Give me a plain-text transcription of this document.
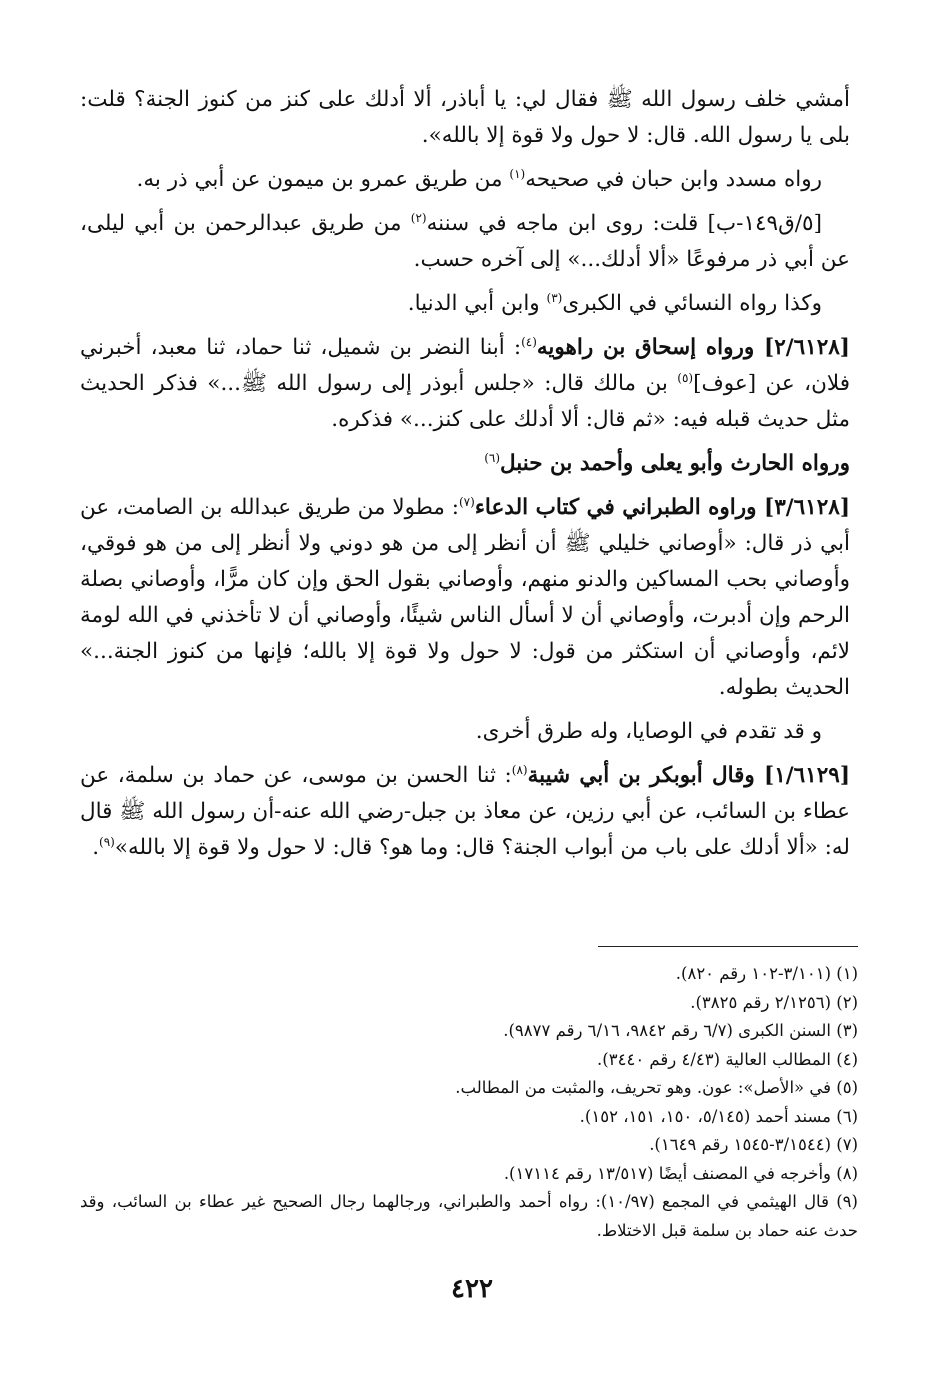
أمشي خلف رسول الله ﷺ فقال لي: يا أباذر، ألا أدلك على كنز من كنوز الجنة؟ قلت: بلى يا رسول الله. قال: لا حول ولا قوة إلا بالله».

رواه مسدد وابن حبان في صحيحه$^{(١)}$ من طريق عمرو بن ميمون عن أبي ذر به.

[٥/ق١٤٩-ب] قلت: روى ابن ماجه في سننه$^{(٢)}$ من طريق عبدالرحمن بن أبي ليلى، عن أبي ذر مرفوعًا «ألا أدلك...» إلى آخره حسب.

وكذا رواه النسائي في الكبرى$^{(٣)}$ وابن أبي الدنيا.

[٢/٦١٢٨] ورواه إسحاق بن راهويه$^{(٤)}$: أبنا النضر بن شميل، ثنا حماد، ثنا معبد، أخبرني فلان، عن [عوف]$^{(٥)}$ بن مالك قال: «جلس أبوذر إلى رسول الله ﷺ...» فذكر الحديث مثل حديث قبله فيه: «ثم قال: ألا أدلك على كنز...» فذكره.

ورواه الحارث وأبو يعلى وأحمد بن حنبل$^{(٦)}$

[٣/٦١٢٨] وراوه الطبراني في كتاب الدعاء$^{(٧)}$: مطولا من طريق عبدالله بن الصامت، عن أبي ذر قال: «أوصاني خليلي ﷺ أن أنظر إلى من هو دوني ولا أنظر إلى من هو فوقي، وأوصاني بحب المساكين والدنو منهم، وأوصاني بقول الحق وإن كان مرًّا، وأوصاني بصلة الرحم وإن أدبرت، وأوصاني أن لا أسأل الناس شيئًا، وأوصاني أن لا تأخذني في الله لومة لائم، وأوصاني أن استكثر من قول: لا حول ولا قوة إلا بالله؛ فإنها من كنوز الجنة...» الحديث بطوله.

و قد تقدم في الوصايا، وله طرق أخرى.

[١/٦١٢٩] وقال أبوبكر بن أبي شيبة$^{(٨)}$: ثنا الحسن بن موسى، عن حماد بن سلمة، عن عطاء بن السائب، عن أبي رزين، عن معاذ بن جبل-رضي الله عنه-أن رسول الله ﷺ قال له: «ألا أدلك على باب من أبواب الجنة؟ قال: وما هو؟ قال: لا حول ولا قوة إلا بالله»$^{(٩)}$.

(١) (٣/١٠١-١٠٢ رقم ٨٢٠).

(٢) (٢/١٢٥٦ رقم ٣٨٢٥).

(٣) السنن الكبرى (٦/٧ رقم ٩٨٤٢، ٦/١٦ رقم ٩٨٧٧).

(٤) المطالب العالية (٤/٤٣ رقم ٣٤٤٠).

(٥) في «الأصل»: عون. وهو تحريف، والمثبت من المطالب.

(٦) مسند أحمد (٥/١٤٥، ١٥٠، ١٥١، ١٥٢).

(٧) (٣/١٥٤٤-١٥٤٥ رقم ١٦٤٩).

(٨) وأخرجه في المصنف أيضًا (١٣/٥١٧ رقم ١٧١١٤).

(٩) قال الهيثمي في المجمع (١٠/٩٧): رواه أحمد والطبراني، ورجالهما رجال الصحيح غير عطاء بن السائب، وقد حدث عنه حماد بن سلمة قبل الاختلاط.

٤٢٢
